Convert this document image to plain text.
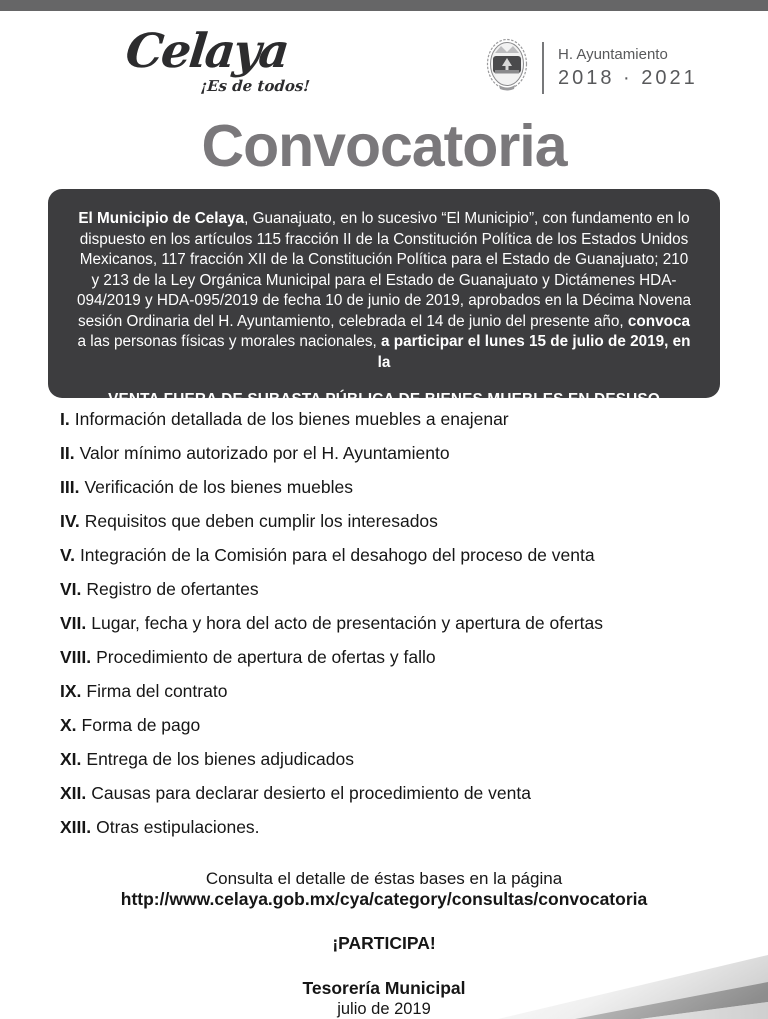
Celaya
¡Es de todos!
H. Ayuntamiento
2018 · 2021
Convocatoria
El Municipio de Celaya, Guanajuato, en lo sucesivo “El Municipio”, con fundamento en lo dispuesto en los artículos 115 fracción II de la Constitución Política de los Estados Unidos Mexicanos, 117 fracción XII de la Constitución Política para el Estado de Guanajuato; 210 y 213 de la Ley Orgánica Municipal para el Estado de Guanajuato y Dictámenes HDA-094/2019 y HDA-095/2019 de fecha 10 de junio de 2019, aprobados en la Décima Novena sesión Ordinaria del H. Ayuntamiento, celebrada el 14 de junio del presente año, convoca a las personas físicas y morales nacionales, a participar el lunes 15 de julio de 2019, en la
VENTA FUERA DE SUBASTA PÚBLICA DE BIENES MUEBLES EN DESUSO
número No. 0001/2019, bajo las siguientes Bases:
I. Información detallada de los bienes muebles a enajenar
II. Valor mínimo autorizado por el H. Ayuntamiento
III. Verificación de los bienes muebles
IV. Requisitos que deben cumplir los interesados
V. Integración de la Comisión para el desahogo del proceso de venta
VI. Registro de ofertantes
VII. Lugar, fecha y hora del acto de presentación y apertura de ofertas
VIII. Procedimiento de apertura de ofertas y fallo
IX. Firma del contrato
X. Forma de pago
XI. Entrega de los bienes adjudicados
XII. Causas para declarar desierto el procedimiento de venta
XIII. Otras estipulaciones.
Consulta el detalle de éstas bases en la página
http://www.celaya.gob.mx/cya/category/consultas/convocatoria
¡PARTICIPA!
Tesorería Municipal
julio de 2019
